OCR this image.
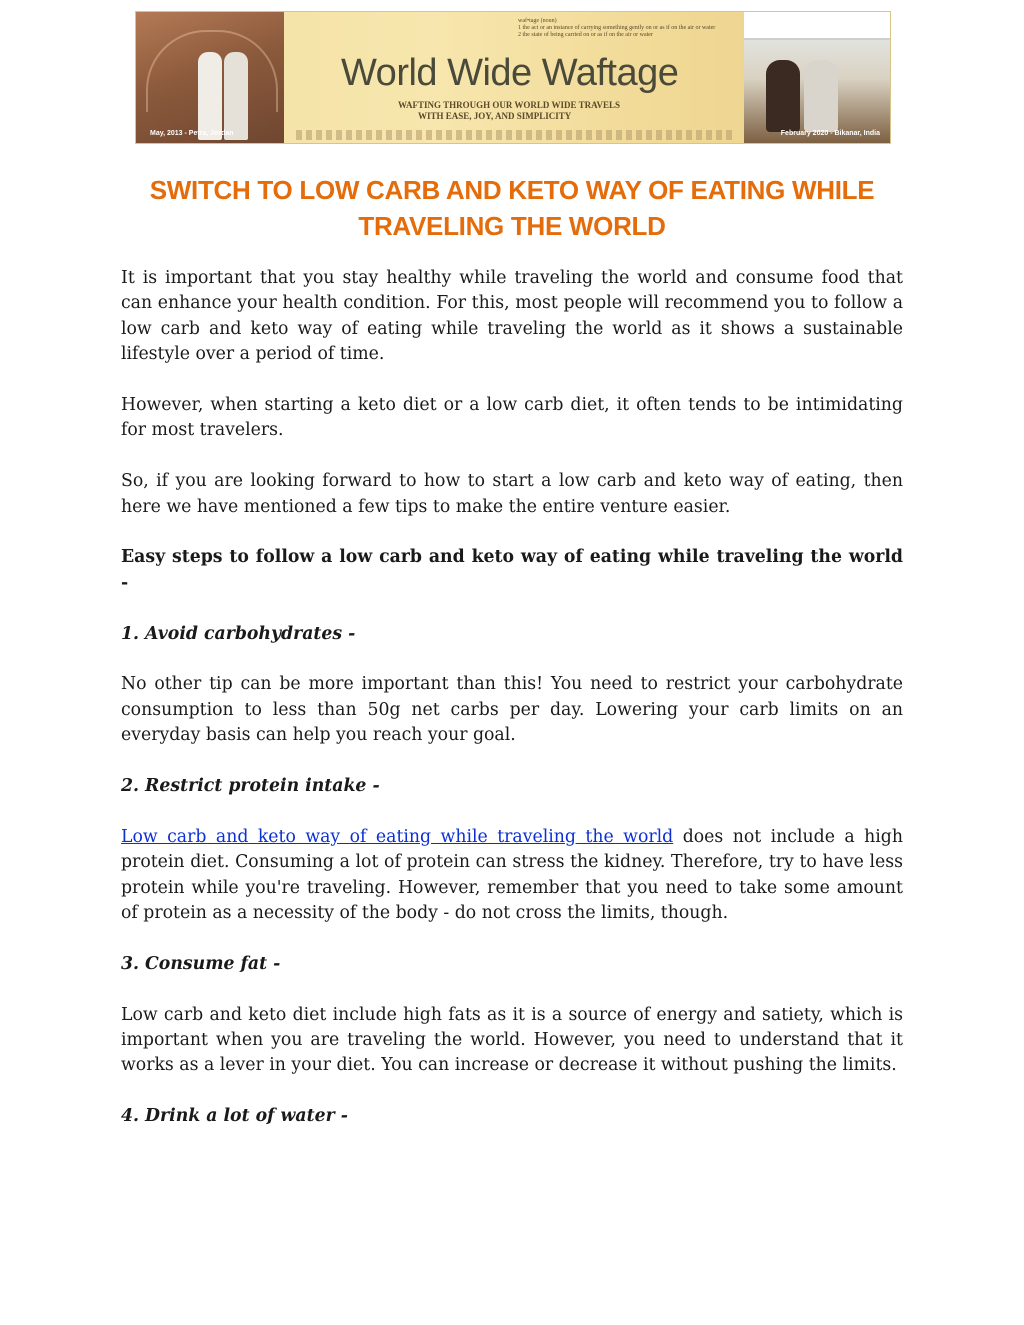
waf•tage (noun)
1 the act or an instance of carrying something gently on or as if on the air or water
2 the state of being carried on or as if on the air or water
World Wide Waftage
WAFTING THROUGH OUR WORLD WIDE TRAVELS
WITH EASE, JOY, AND SIMPLICITY
May, 2013 - Petra, Jordan	February 2020 - Bikanar, India
SWITCH TO LOW CARB AND KETO WAY OF EATING WHILE TRAVELING THE WORLD

It is important that you stay healthy while traveling the world and consume food that can enhance your health condition. For this, most people will recommend you to follow a low carb and keto way of eating while traveling the world as it shows a sustainable lifestyle over a period of time.

However, when starting a keto diet or a low carb diet, it often tends to be intimidating for most travelers.

So, if you are looking forward to how to start a low carb and keto way of eating, then here we have mentioned a few tips to make the entire venture easier.

Easy steps to follow a low carb and keto way of eating while traveling the world -

1. Avoid carbohydrates -

No other tip can be more important than this! You need to restrict your carbohydrate consumption to less than 50g net carbs per day. Lowering your carb limits on an everyday basis can help you reach your goal.

2. Restrict protein intake -

Low carb and keto way of eating while traveling the world does not include a high protein diet. Consuming a lot of protein can stress the kidney. Therefore, try to have less protein while you're traveling. However, remember that you need to take some amount of protein as a necessity of the body - do not cross the limits, though.

3. Consume fat -

Low carb and keto diet include high fats as it is a source of energy and satiety, which is important when you are traveling the world. However, you need to understand that it works as a lever in your diet. You can increase or decrease it without pushing the limits.

4. Drink a lot of water -
